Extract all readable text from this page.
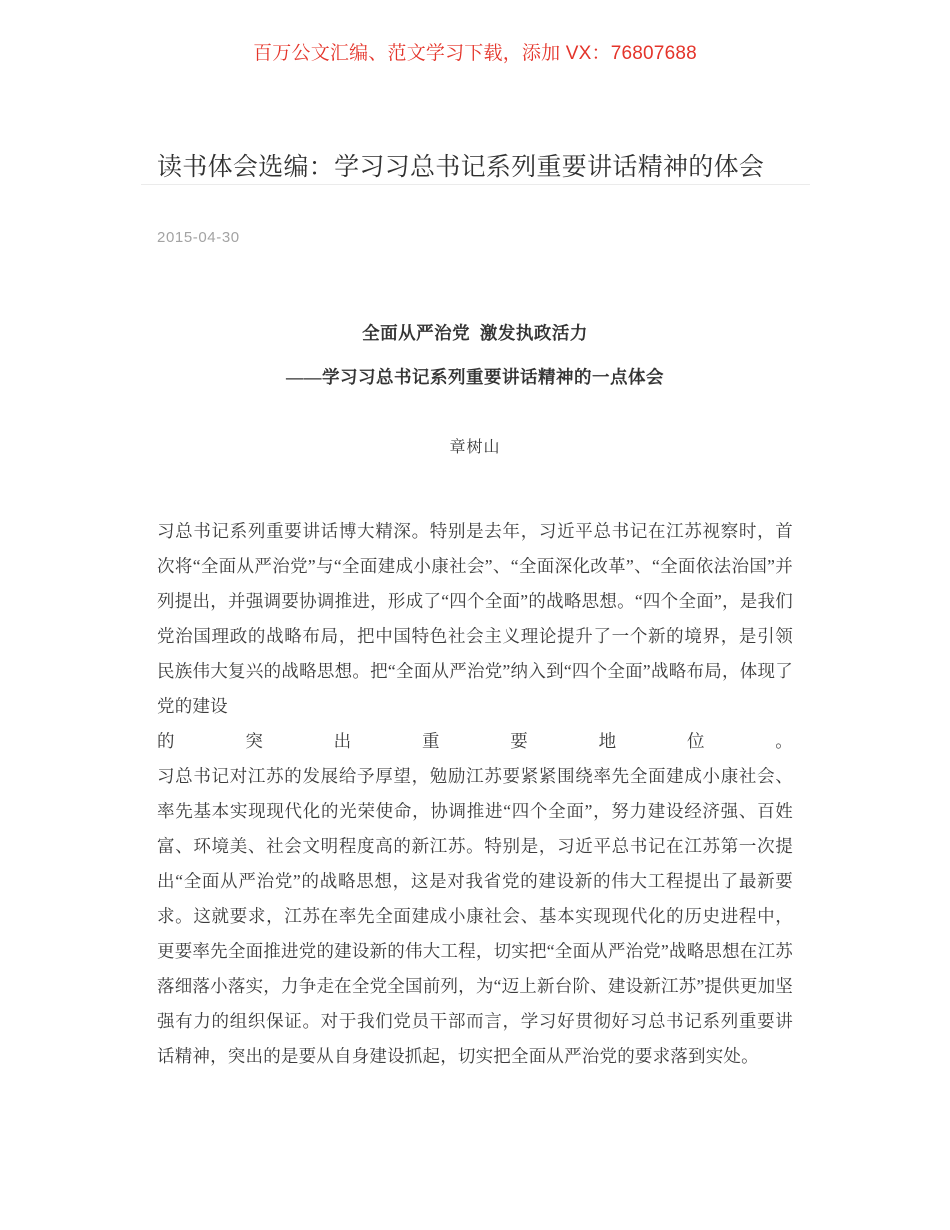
百万公文汇编、范文学习下载，添加 VX：76807688
读书体会选编：学习习总书记系列重要讲话精神的体会
2015-04-30
全面从严治党  激发执政活力
——学习习总书记系列重要讲话精神的一点体会
章树山
习总书记系列重要讲话博大精深。特别是去年，习近平总书记在江苏视察时，首次将“全面从严治党”与“全面建成小康社会”、“全面深化改革”、“全面依法治国”并列提出，并强调要协调推进，形成了“四个全面”的战略思想。“四个全面”，是我们党治国理政的战略布局，把中国特色社会主义理论提升了一个新的境界，是引领民族伟大复兴的战略思想。把“全面从严治党”纳入到“四个全面”战略布局，体现了党的建设
的突出重要地位。
习总书记对江苏的发展给予厚望，勉励江苏要紧紧围绕率先全面建成小康社会、率先基本实现现代化的光荣使命，协调推进“四个全面”，努力建设经济强、百姓富、环境美、社会文明程度高的新江苏。特别是，习近平总书记在江苏第一次提出“全面从严治党”的战略思想，这是对我省党的建设新的伟大工程提出了最新要求。这就要求，江苏在率先全面建成小康社会、基本实现现代化的历史进程中，更要率先全面推进党的建设新的伟大工程，切实把“全面从严治党”战略思想在江苏落细落小落实，力争走在全党全国前列，为“迈上新台阶、建设新江苏”提供更加坚强有力的组织保证。对于我们党员干部而言，学习好贯彻好习总书记系列重要讲话精神，突出的是要从自身建设抓起，切实把全面从严治党的要求落到实处。
